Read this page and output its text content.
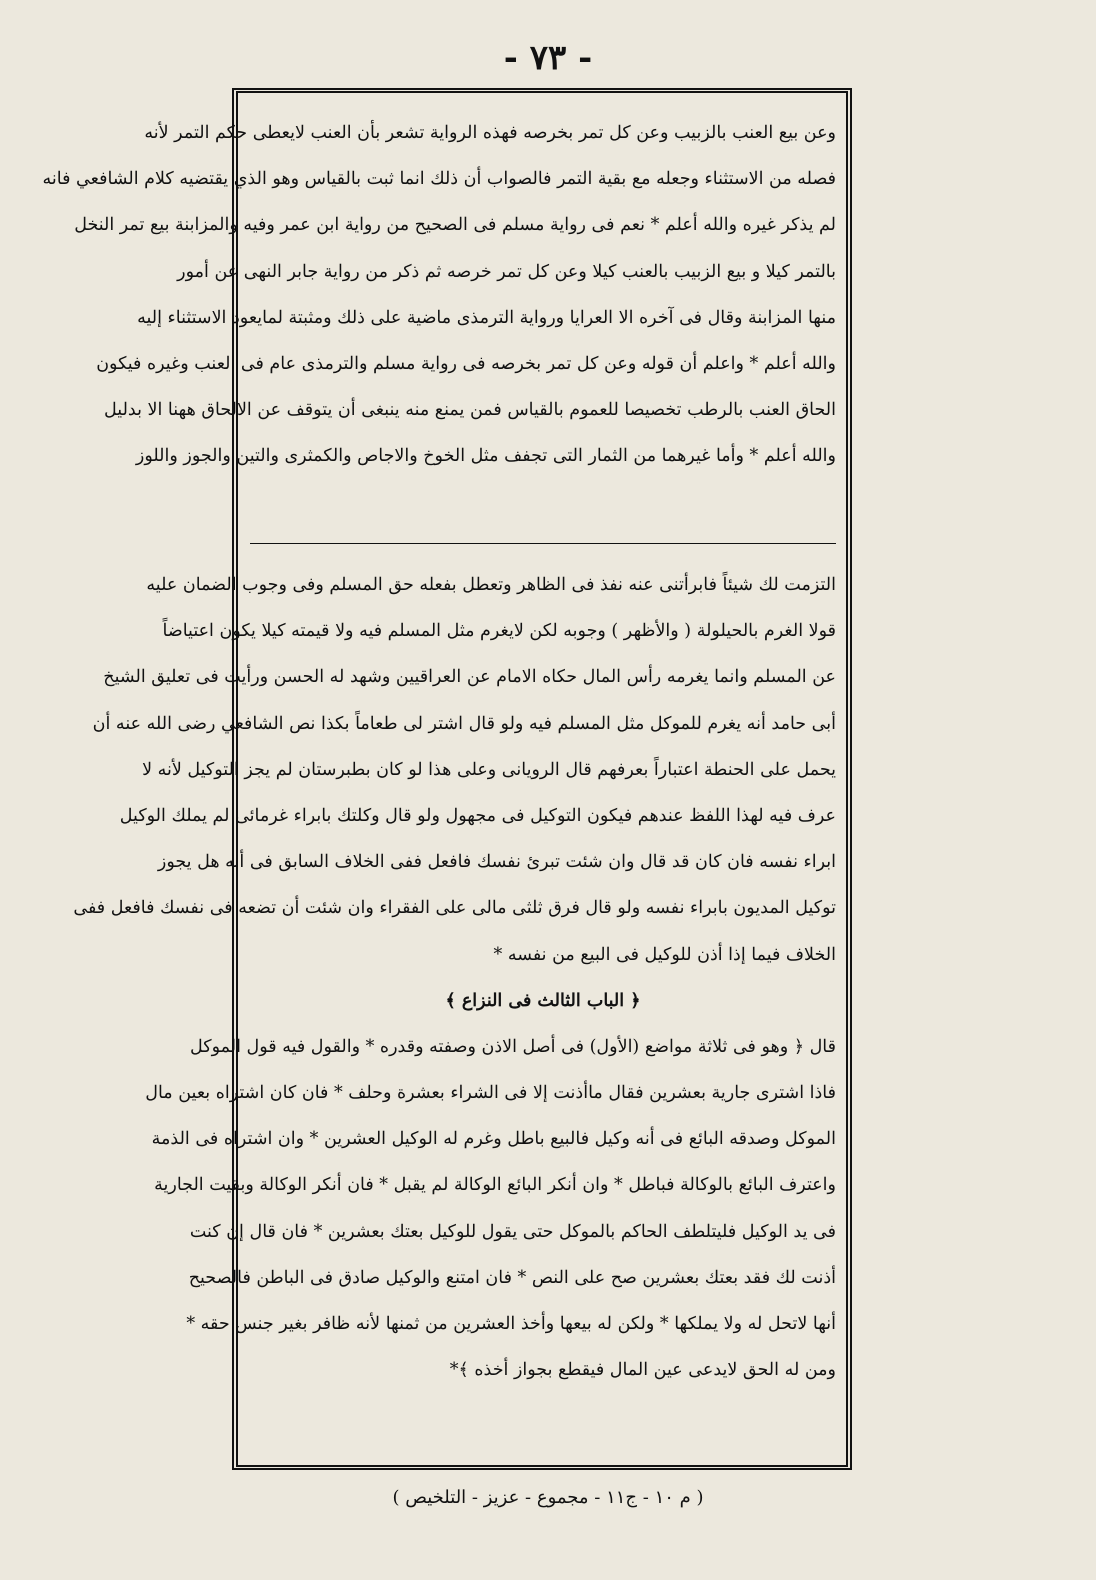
- ٧٣ -
وعن بيع العنب بالزبيب وعن كل تمر بخرصه فهذه الرواية تشعر بأن العنب لايعطى حكم التمر لأنه
فصله من الاستثناء وجعله مع بقية التمر فالصواب أن ذلك انما ثبت بالقياس وهو الذي يقتضيه كلام الشافعي فانه
لم يذكر غيره والله أعلم * نعم فى رواية مسلم فى الصحيح من رواية ابن عمر وفيه والمزابنة بيع تمر النخل
بالتمر كيلا و بيع الزبيب بالعنب كيلا وعن كل تمر خرصه ثم ذكر من رواية جابر النهى عن أمور
منها المزابنة وقال فى آخره الا العرايا ورواية الترمذى ماضية على ذلك ومثبتة لمايعود الاستثناء إليه
والله أعلم * واعلم أن قوله وعن كل تمر بخرصه فى رواية مسلم والترمذى عام فى العنب وغيره فيكون
الحاق العنب بالرطب تخصيصا للعموم بالقياس فمن يمنع منه ينبغى أن يتوقف عن الالحاق ههنا الا بدليل
والله أعلم * وأما غيرهما من الثمار التى تجفف مثل الخوخ والاجاص والكمثرى والتين والجوز واللوز
التزمت لك شيئاً فابرأتنى عنه نفذ فى الظاهر وتعطل بفعله حق المسلم وفى وجوب الضمان عليه
قولا الغرم بالحيلولة ( والأظهر ) وجوبه لكن لايغرم مثل المسلم فيه ولا قيمته كيلا يكون اعتياضاً
عن المسلم وانما يغرمه رأس المال حكاه الامام عن العراقيين وشهد له الحسن ورأيت فى تعليق الشيخ
أبى حامد أنه يغرم للموكل مثل المسلم فيه ولو قال اشتر لى طعاماً بكذا نص الشافعي رضى الله عنه أن
يحمل على الحنطة اعتباراً بعرفهم قال الرويانى وعلى هذا لو كان بطبرستان لم يجز التوكيل لأنه لا
عرف فيه لهذا اللفظ عندهم فيكون التوكيل فى مجهول ولو قال وكلتك بابراء غرمائى لم يملك الوكيل
ابراء نفسه فان كان قد قال وان شئت تبرئ نفسك فافعل ففى الخلاف السابق فى أنه هل يجوز
توكيل المديون بابراء نفسه ولو قال فرق ثلثى مالى على الفقراء وان شئت أن تضعه فى نفسك فافعل ففى
الخلاف فيما إذا أذن للوكيل فى البيع من نفسه *
﴿ الباب الثالث فى النزاع ﴾
قال ﴿ وهو فى ثلاثة مواضع (الأول) فى أصل الاذن وصفته وقدره * والقول فيه قول الموكل
فاذا اشترى جارية بعشرين فقال ماأذنت إلا فى الشراء بعشرة وحلف * فان كان اشتراه بعين مال
الموكل وصدقه البائع فى أنه وكيل فالبيع باطل وغرم له الوكيل العشرين * وان اشتراه فى الذمة
واعترف البائع بالوكالة فباطل * وان أنكر البائع الوكالة لم يقبل * فان أنكر الوكالة وبقيت الجارية
فى يد الوكيل فليتلطف الحاكم بالموكل حتى يقول للوكيل بعتك بعشرين * فان قال إن كنت
أذنت لك فقد بعتك بعشرين صح على النص * فان امتنع والوكيل صادق فى الباطن فالصحيح
أنها لاتحل له ولا يملكها * ولكن له بيعها وأخذ العشرين من ثمنها لأنه ظافر بغير جنس حقه *
ومن له الحق لايدعى عين المال فيقطع بجواز أخذه ﴾*
( م ١٠ - ج١١ - مجموع - عزيز - التلخيص )
